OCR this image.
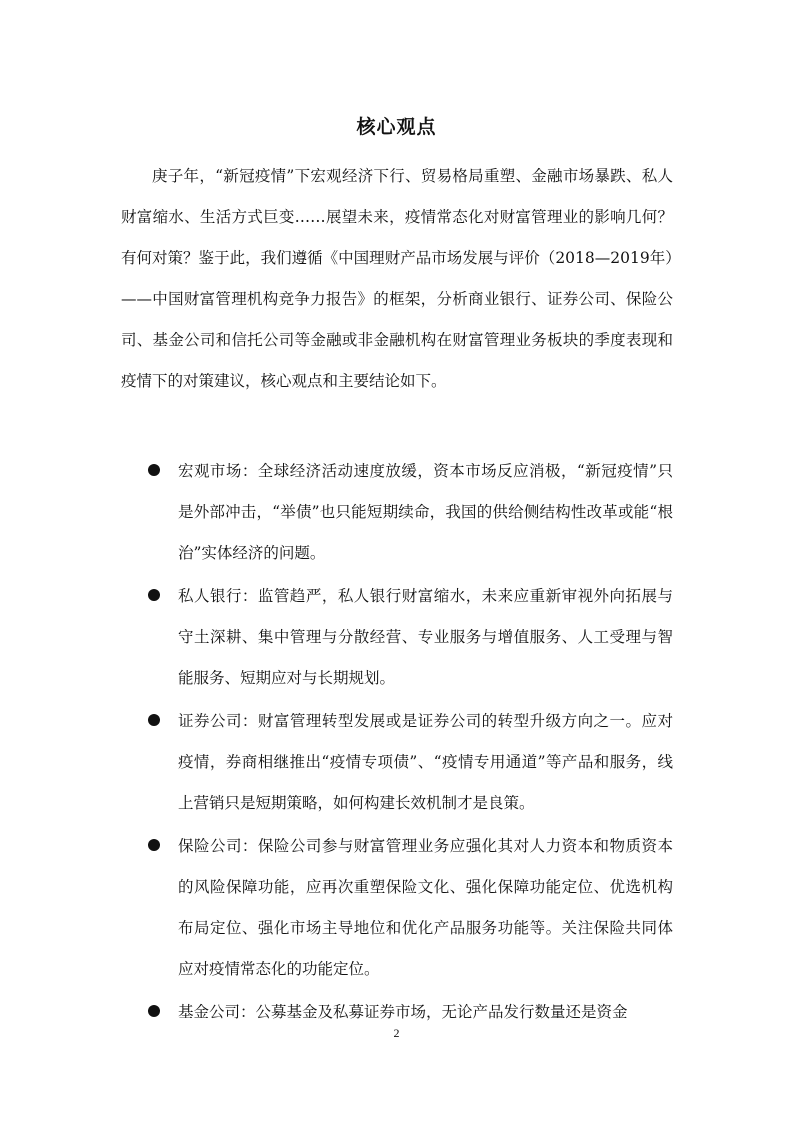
核心观点

庚子年，“新冠疫情”下宏观经济下行、贸易格局重塑、金融市场暴跌、私人财富缩水、生活方式巨变……展望未来，疫情常态化对财富管理业的影响几何？有何对策？鉴于此，我们遵循《中国理财产品市场发展与评价（2018—2019年）——中国财富管理机构竞争力报告》的框架，分析商业银行、证券公司、保险公司、基金公司和信托公司等金融或非金融机构在财富管理业务板块的季度表现和疫情下的对策建议，核心观点和主要结论如下。

宏观市场：全球经济活动速度放缓，资本市场反应消极，“新冠疫情”只是外部冲击，“举债”也只能短期续命，我国的供给侧结构性改革或能“根治”实体经济的问题。
私人银行：监管趋严，私人银行财富缩水，未来应重新审视外向拓展与守土深耕、集中管理与分散经营、专业服务与增值服务、人工受理与智能服务、短期应对与长期规划。
证券公司：财富管理转型发展或是证券公司的转型升级方向之一。应对疫情，券商相继推出“疫情专项债”、“疫情专用通道”等产品和服务，线上营销只是短期策略，如何构建长效机制才是良策。
保险公司：保险公司参与财富管理业务应强化其对人力资本和物质资本的风险保障功能，应再次重塑保险文化、强化保障功能定位、优选机构布局定位、强化市场主导地位和优化产品服务功能等。关注保险共同体应对疫情常态化的功能定位。
基金公司：公募基金及私募证券市场，无论产品发行数量还是资金
2
